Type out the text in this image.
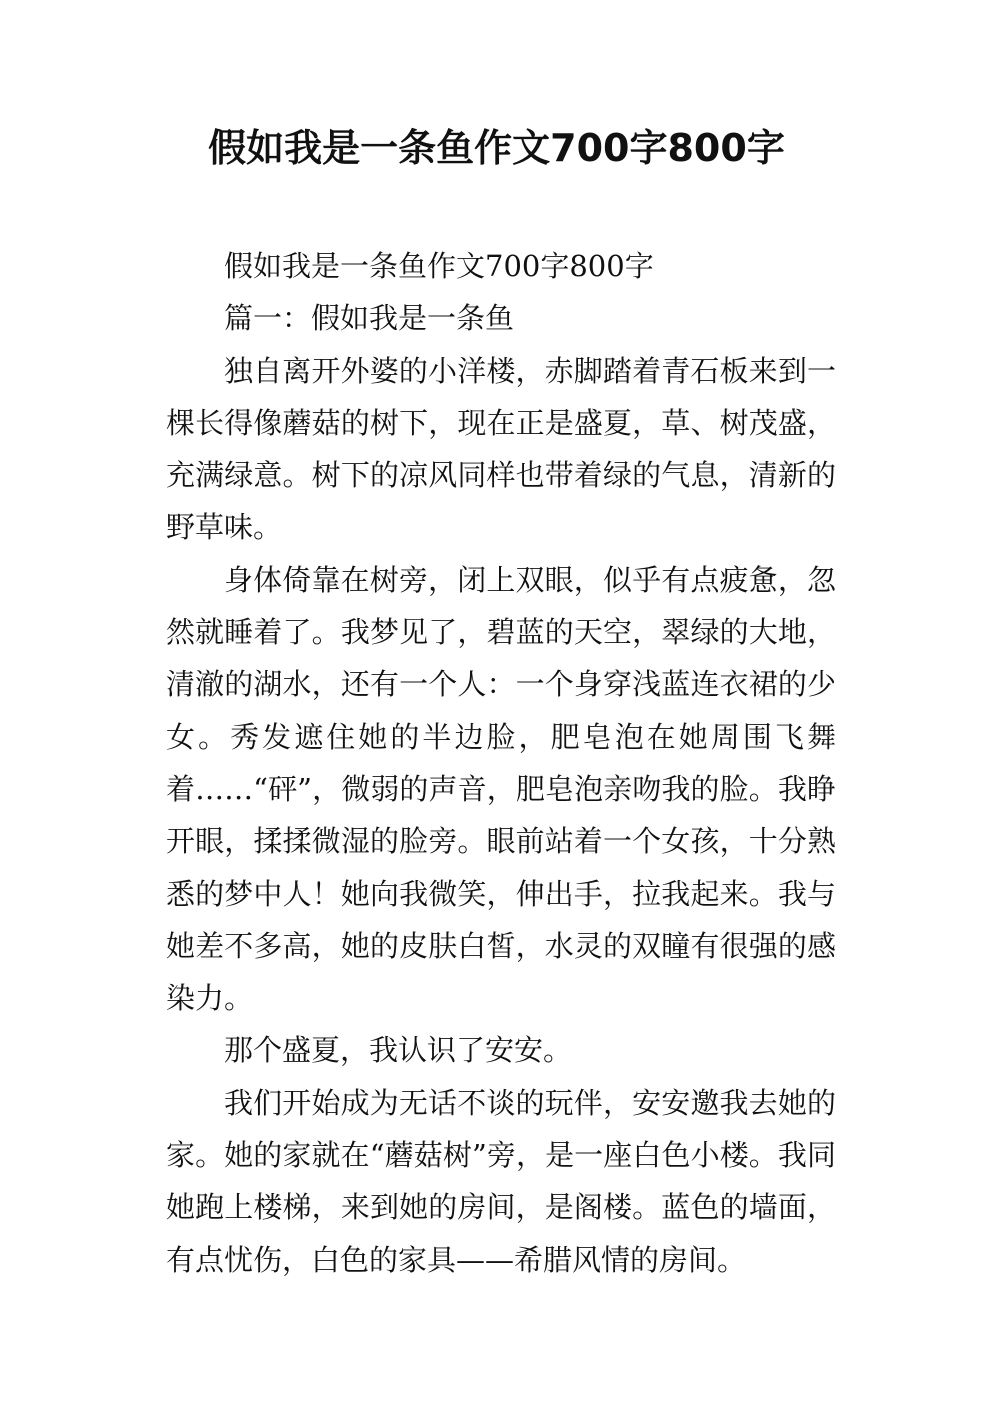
假如我是一条鱼作文700字800字

假如我是一条鱼作文700字800字

篇一：假如我是一条鱼

独自离开外婆的小洋楼，赤脚踏着青石板来到一棵长得像蘑菇的树下，现在正是盛夏，草、树茂盛，充满绿意。树下的凉风同样也带着绿的气息，清新的野草味。

身体倚靠在树旁，闭上双眼，似乎有点疲惫，忽然就睡着了。我梦见了，碧蓝的天空，翠绿的大地，清澈的湖水，还有一个人：一个身穿浅蓝连衣裙的少女。秀发遮住她的半边脸，肥皂泡在她周围飞舞着……“砰”，微弱的声音，肥皂泡亲吻我的脸。我睁开眼，揉揉微湿的脸旁。眼前站着一个女孩，十分熟悉的梦中人！她向我微笑，伸出手，拉我起来。我与她差不多高，她的皮肤白皙，水灵的双瞳有很强的感染力。

那个盛夏，我认识了安安。

我们开始成为无话不谈的玩伴，安安邀我去她的家。她的家就在“蘑菇树”旁，是一座白色小楼。我同她跑上楼梯，来到她的房间，是阁楼。蓝色的墙面，有点忧伤，白色的家具——希腊风情的房间。
